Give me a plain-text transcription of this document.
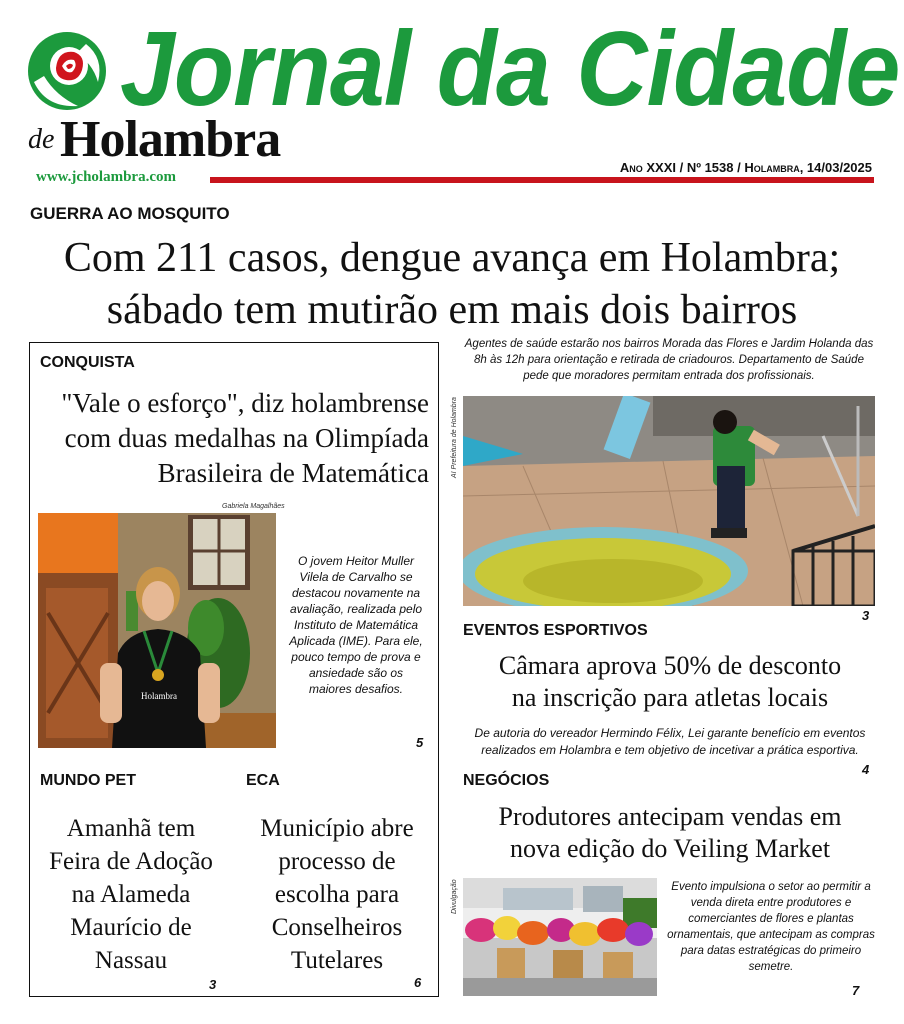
Jornal da Cidade
de Holambra
www.jcholambra.com
Ano XXXI / Nº 1538 / Holambra, 14/03/2025
GUERRA AO MOSQUITO
Com 211 casos, dengue avança em Holambra;
sábado tem mutirão em mais dois bairros
CONQUISTA
"Vale o esforço", diz holambrense
com duas medalhas na Olimpíada
Brasileira de Matemática
Gabriela Magalhães
Holambra
O jovem Heitor Muller Vilela de Carvalho se destacou novamente na avaliação, realizada pelo Instituto de Matemática Aplicada (IME). Para ele, pouco tempo de prova e ansiedade são os maiores desafios.
5
MUNDO PET	ECA
Amanhã tem
Feira de Adoção
na Alameda
Maurício de
Nassau
3
Município abre
processo de
escolha para
Conselheiros
Tutelares
6
Agentes de saúde estarão nos bairros Morada das Flores e Jardim Holanda das 8h às 12h para orientação e retirada de criadouros. Departamento de Saúde pede que moradores permitam entrada dos profissionais.
AI Prefeitura de Holambra
3
EVENTOS ESPORTIVOS
Câmara aprova 50% de desconto
na inscrição para atletas locais
De autoria do vereador Hermindo Félix, Lei garante benefício em eventos realizados em Holambra e tem objetivo de incetivar a prática esportiva.
4
NEGÓCIOS
Produtores antecipam vendas em
nova edição do Veiling Market
Divulgação	Evento impulsiona o setor ao permitir a venda direta entre produtores e comerciantes de flores e plantas ornamentais, que antecipam as compras para datas estratégicas do primeiro semetre.
7
